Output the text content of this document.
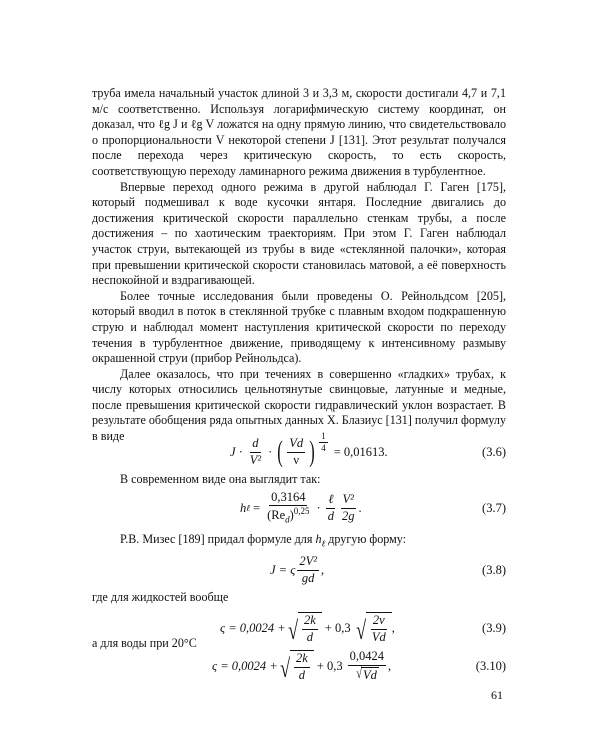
труба имела начальный участок длиной 3 и 3,3 м, скорости достигали 4,7 и 7,1 м/с соответственно. Используя логарифмическую систему координат, он доказал, что ℓg J и ℓg V ложатся на одну прямую линию, что свидетельствовало о пропорциональности V некоторой степени J [131]. Этот результат получался после перехода через критическую скорость, то есть скорость, соответствующую переходу ламинарного режима движения в турбулентное.

Впервые переход одного режима в другой наблюдал Г. Гаген [175], который подмешивал к воде кусочки янтаря. Последние двигались до достижения критической скорости параллельно стенкам трубы, а после достижения – по хаотическим траекториям. При этом Г. Гаген наблюдал участок струи, вытекающей из трубы в виде «стеклянной палочки», которая при превышении критической скорости становилась матовой, а её поверхность неспокойной и вздрагивающей.

Более точные исследования были проведены О. Рейнольдсом [205], который вводил в поток в стеклянной трубке с плавным входом подкрашенную струю и наблюдал момент наступления критической скорости по переходу течения в турбулентное движение, приводящему к интенсивному размыву окрашенной струи (прибор Рейнольдса).

Далее оказалось, что при течениях в совершенно «гладких» трубах, к числу которых относились цельнотянутые свинцовые, латунные и медные, после превышения критической скорости гидравлический уклон возрастает. В результате обобщения ряда опытных данных Х. Блазиус [131] получил формулу в виде

$J \cdot \frac{d}{\text{V²}}$ · ( $\frac{Vd}{\nu}$ ) $\frac{1}{4} = 0,01613$.	(3.6)
В современном виде она выглядит так:
h ℓ = $\frac{0,3164}{(Re_d)^{0,25}} \cdot \frac{\text{ℓ}}{d} \frac{\text{V²}}{2g}$ .	(3.7)
Р.В. Мизес [189] придал формуле для $h_\ell$ другую форму:
J = ς $\frac{\text{2V²}}{gd}$ ,	(3.8)
где для жидкостей вообще
ς = 0,0024 + √ $\frac{2k}{d} + 0,3$ √ $\frac{2\nu}{Vd}$ ,	(3.9)
а для воды при 20°С
ς = 0,0024 + √ $\frac{2k}{d} + 0,3 \frac{0,0424}{√ Vd}$ ,	(3.10)
61
